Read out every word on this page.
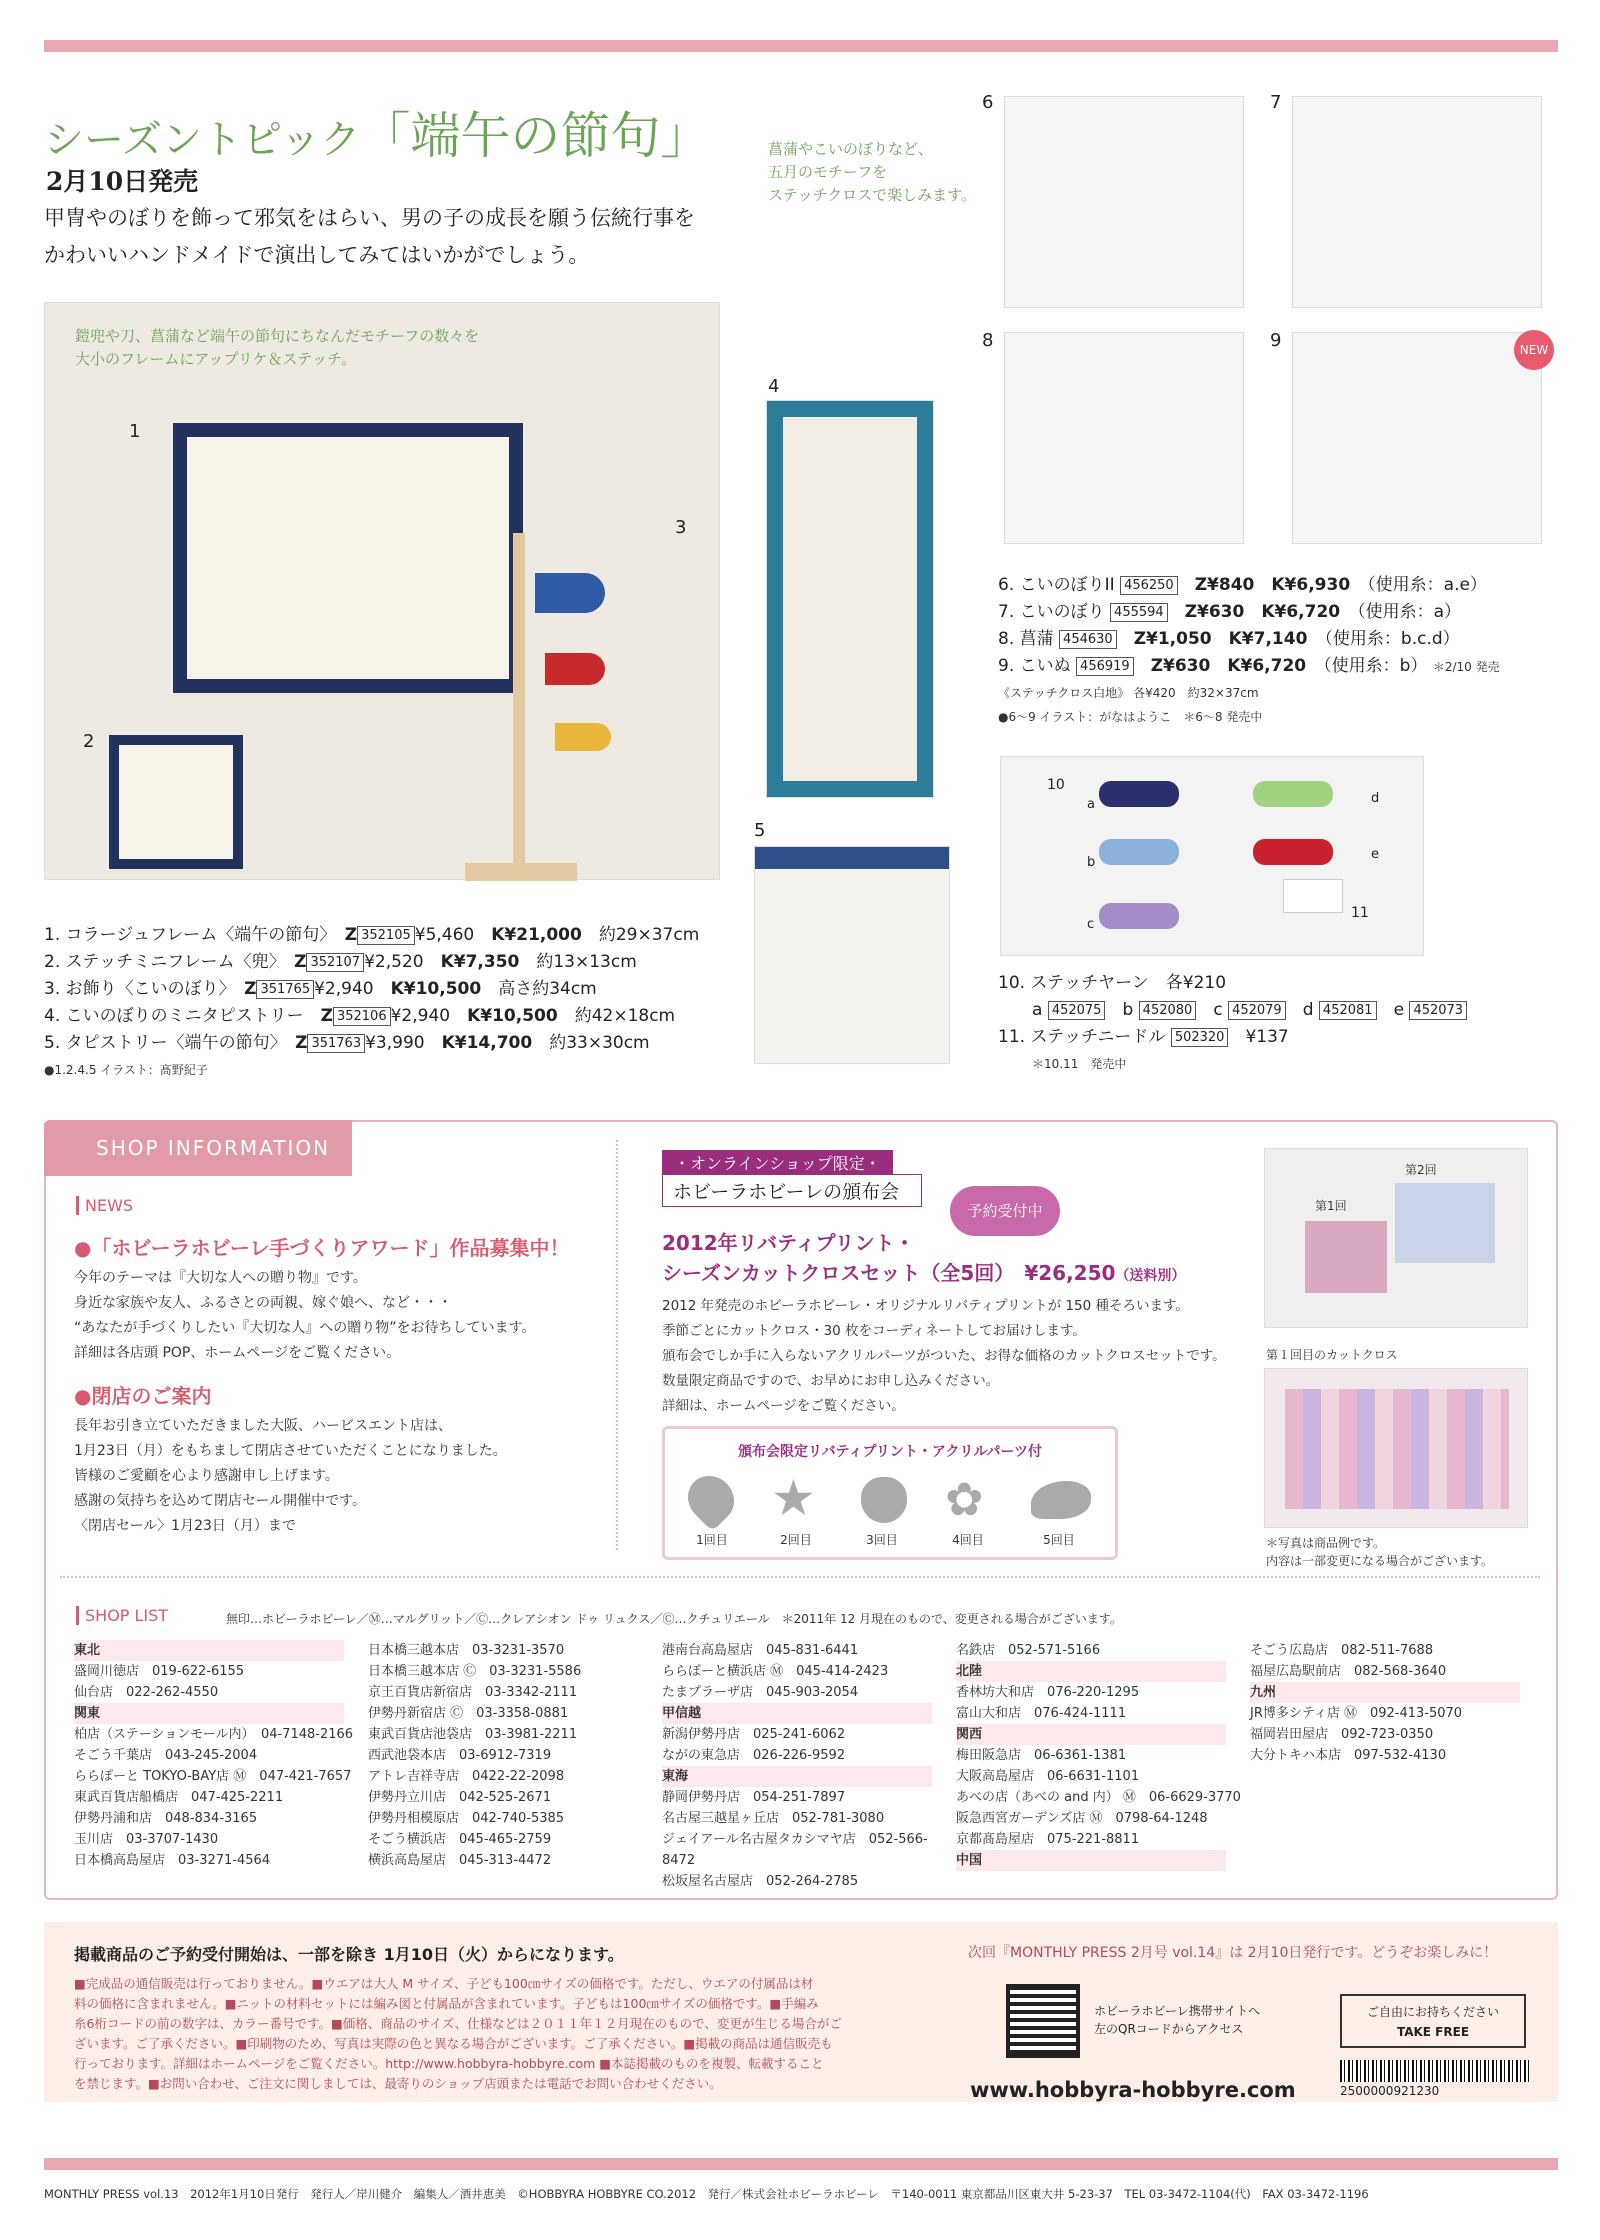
シーズントピック「端午の節句」
2月10日発売
甲冑やのぼりを飾って邪気をはらい、男の子の成長を願う伝統行事を
かわいいハンドメイドで演出してみてはいかがでしょう。
鎧兜や刀、菖蒲など端午の節句にちなんだモチーフの数々を
大小のフレームにアップリケ＆ステッチ。
1
2
3
4
5
菖蒲やこいのぼりなど、
五月のモチーフを
ステッチクロスで楽しみます。
6	7
8	9	NEW
1. コラージュフレーム〈端午の節句〉　 Z 352105 ¥5,460　 K¥21,000　 約29×37cm
2. ステッチミニフレーム〈兜〉　 Z 352107 ¥2,520　 K¥7,350　 約13×13cm
3. お飾り〈こいのぼり〉　 Z 351765 ¥2,940　 K¥10,500　 高さ約34cm
4. こいのぼりのミニタピストリー　 Z 352106 ¥2,940　 K¥10,500　 約42×18cm
5. タピストリー〈端午の節句〉　 Z 351763 ¥3,990　 K¥14,700　 約33×30cm
●1.2.4.5 イラスト：髙野紀子
6. こいのぼりII 456250　 Z¥840　 K¥6,930　 （使用糸：a.e）
7. こいのぼり 455594　 Z¥630　 K¥6,720　 （使用糸：a）
8. 菖蒲 454630　 Z¥1,050　 K¥7,140　 （使用糸：b.c.d）
9. こいぬ 456919　 Z¥630　 K¥6,720　 （使用糸：b） ＊2/10 発売
《ステッチクロス白地》 各¥420　約32×37cm
●6〜9 イラスト：がなはようこ　＊6〜8 発売中
10
11
a
b
c
d
e
10. ステッチヤーン　各¥210
a 452075　 b 452080　 c 452079　 d 452081　 e 452073
11. ステッチニードル 502320　 ¥137
＊10.11　発売中
SHOP INFORMATION
NEWS
●「ホビーラホビーレ手づくりアワード」作品募集中！
今年のテーマは『大切な人への贈り物』です。
身近な家族や友人、ふるさとの両親、嫁ぐ娘へ、など・・・
“あなたが手づくりしたい『大切な人』への贈り物”をお待ちしています。
詳細は各店頭 POP、ホームページをご覧ください。
●閉店のご案内
長年お引き立ていただきました大阪、ハービスエント店は、
1月23日（月）をもちまして閉店させていただくことになりました。
皆様のご愛顧を心より感謝申し上げます。
感謝の気持ちを込めて閉店セール開催中です。
〈閉店セール〉1月23日（月）まで
・オンラインショップ限定・
ホビーラホビーレの頒布会
予約受付中
2012年リバティプリント・
シーズンカットクロスセット（全5回）　 ¥26,250（送料別）
2012 年発売のホビーラホビーレ・オリジナルリバティプリントが 150 種そろいます。
季節ごとにカットクロス・30 枚をコーディネートしてお届けします。
頒布会でしか手に入らないアクリルパーツがついた、お得な価格のカットクロスセットです。
数量限定商品ですので、お早めにお申し込みください。
詳細は、ホームページをご覧ください。
頒布会限定リバティプリント・アクリルパーツ付
★	✿
1回目	2回目	3回目	4回目	5回目
第1回
第2回
第１回目のカットクロス
＊写真は商品例です。
内容は一部変更になる場合がございます。
SHOP LIST	無印…ホビーラホビーレ／Ⓜ…マルグリット／Ⓒ…クレアシオン ドゥ リュクス／Ⓒ…クチュリエール　＊2011年 12 月現在のもので、変更される場合がございます。
東北
盛岡川徳店　019-622-6155
仙台店　022-262-4550
関東
柏店（ステーションモール内）　04-7148-2166
そごう千葉店　043-245-2004
ららぽーと TOKYO-BAY店 Ⓜ　047-421-7657
東武百貨店船橋店　047-425-2211
伊勢丹浦和店　048-834-3165
玉川店　03-3707-1430
日本橋高島屋店　03-3271-4564
日本橋三越本店　03-3231-3570
日本橋三越本店 Ⓒ　03-3231-5586
京王百貨店新宿店　03-3342-2111
伊勢丹新宿店 Ⓒ　03-3358-0881
東武百貨店池袋店　03-3981-2211
西武池袋本店　03-6912-7319
アトレ吉祥寺店　0422-22-2098
伊勢丹立川店　042-525-2671
伊勢丹相模原店　042-740-5385
そごう横浜店　045-465-2759
横浜高島屋店　045-313-4472
港南台高島屋店　045-831-6441
ららぽーと横浜店 Ⓜ　045-414-2423
たまプラーザ店　045-903-2054
甲信越
新潟伊勢丹店　025-241-6062
ながの東急店　026-226-9592
東海
静岡伊勢丹店　054-251-7897
名古屋三越星ヶ丘店　052-781-3080
ジェイアール名古屋タカシマヤ店　052-566-8472
松坂屋名古屋店　052-264-2785
名鉄店　052-571-5166
北陸
香林坊大和店　076-220-1295
富山大和店　076-424-1111
関西
梅田阪急店　06-6361-1381
大阪高島屋店　06-6631-1101
あべの店（あべの and 内） Ⓜ　06-6629-3770
阪急西宮ガーデンズ店 Ⓜ　0798-64-1248
京都髙島屋店　075-221-8811
中国
そごう広島店　082-511-7688
福屋広島駅前店　082-568-3640
九州
JR博多シティ店 Ⓜ　092-413-5070
福岡岩田屋店　092-723-0350
大分トキハ本店　097-532-4130
掲載商品のご予約受付開始は、一部を除き 1月10日（火）からになります。
■完成品の通信販売は行っておりません。■ウエアは大人 M サイズ、子ども100㎝サイズの価格です。ただし、ウエアの付属品は材
料の価格に含まれません。■ニットの材料セットには編み図と付属品が含まれています。子どもは100㎝サイズの価格です。■手編み
糸6桁コードの前の数字は、カラー番号です。■価格、商品のサイズ、仕様などは２０１１年１２月現在のもので、変更が生じる場合がご
ざいます。ご了承ください。■印刷物のため、写真は実際の色と異なる場合がございます。ご了承ください。■掲載の商品は通信販売も
行っております。詳細はホームページをご覧ください。http://www.hobbyra-hobbyre.com ■本誌掲載のものを複製、転載すること
を禁じます。■お問い合わせ、ご注文に関しましては、最寄りのショップ店頭または電話でお問い合わせください。
次回『MONTHLY PRESS 2月号 vol.14』は 2月10日発行です。どうぞお楽しみに！
ホビーラホビーレ携帯サイトへ
左のQRコードからアクセス
www.hobbyra-hobbyre.com
ご自由にお持ちください
TAKE FREE
2500000921230
MONTHLY PRESS vol.13　2012年1月10日発行　発行人／岸川健介　編集人／酒井恵美　©HOBBYRA HOBBYRE CO.2012　発行／株式会社ホビーラホビーレ　〒140-0011 東京都品川区東大井 5-23-37　TEL 03-3472-1104(代)　FAX 03-3472-1196
